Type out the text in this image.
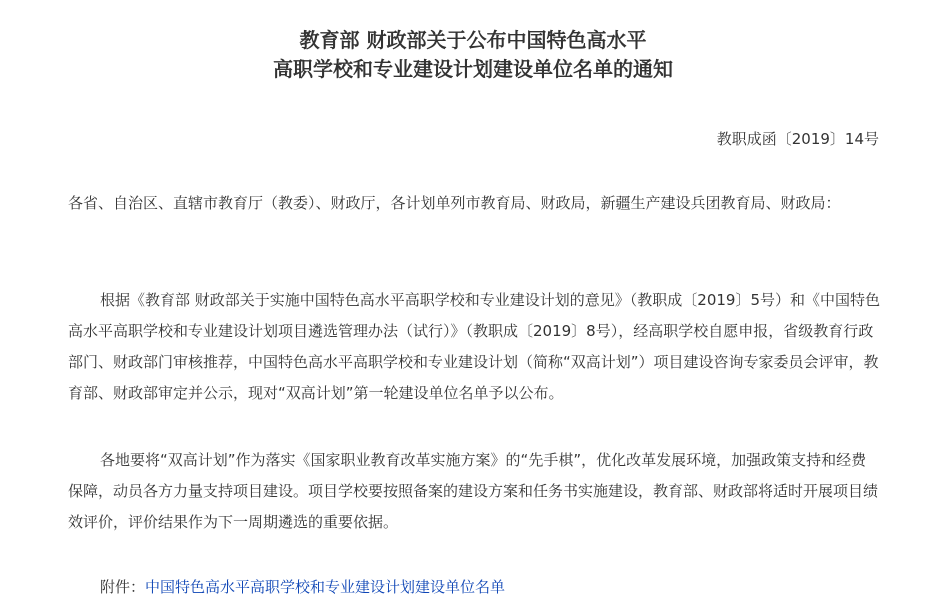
教育部 财政部关于公布中国特色高水平
高职学校和专业建设计划建设单位名单的通知
教职成函〔2019〕14号

各省、自治区、直辖市教育厅（教委）、财政厅，各计划单列市教育局、财政局，新疆生产建设兵团教育局、财政局：

根据《教育部 财政部关于实施中国特色高水平高职学校和专业建设计划的意见》（教职成〔2019〕5号）和《中国特色高水平高职学校和专业建设计划项目遴选管理办法（试行）》（教职成〔2019〕8号），经高职学校自愿申报，省级教育行政部门、财政部门审核推荐，中国特色高水平高职学校和专业建设计划（简称“双高计划”）项目建设咨询专家委员会评审，教育部、财政部审定并公示，现对“双高计划”第一轮建设单位名单予以公布。

各地要将“双高计划”作为落实《国家职业教育改革实施方案》的“先手棋”，优化改革发展环境，加强政策支持和经费保障，动员各方力量支持项目建设。项目学校要按照备案的建设方案和任务书实施建设，教育部、财政部将适时开展项目绩效评价，评价结果作为下一周期遴选的重要依据。

附件：中国特色高水平高职学校和专业建设计划建设单位名单
